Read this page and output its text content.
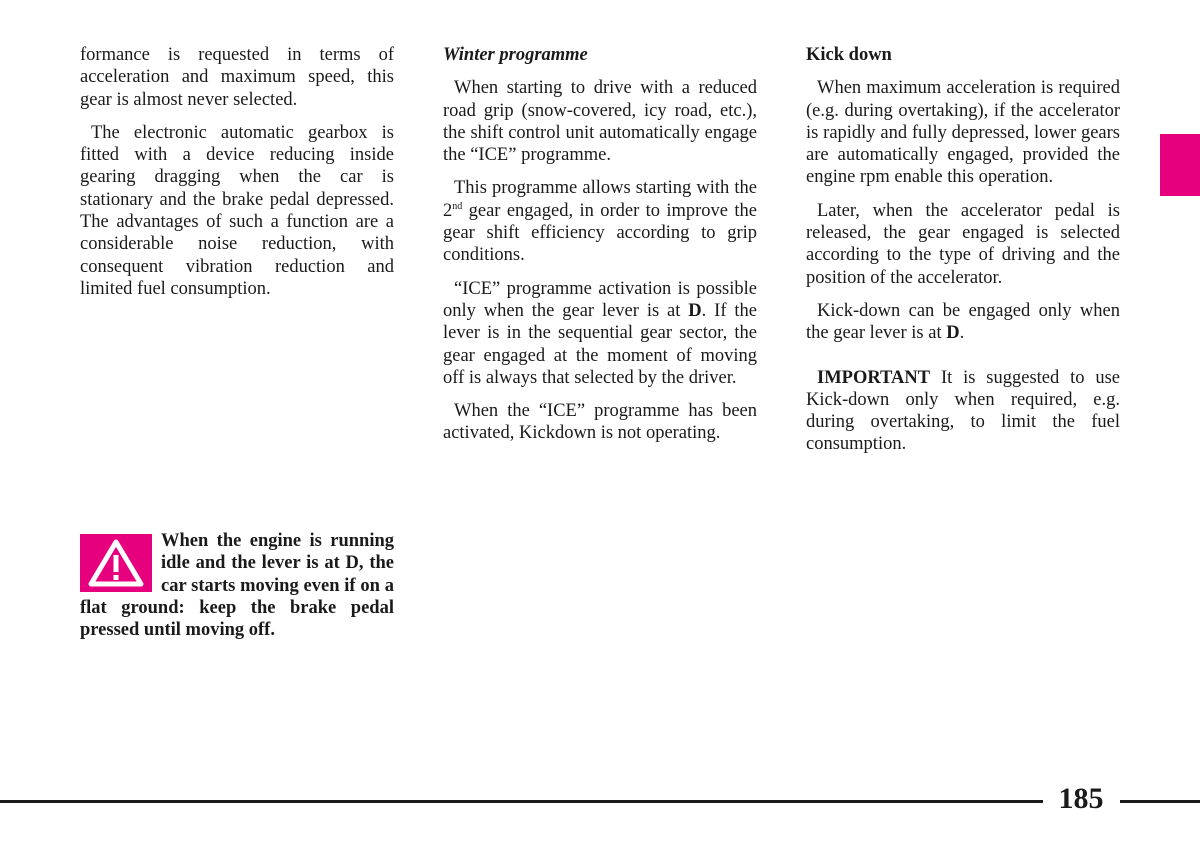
formance is requested in terms of acceleration and maximum speed, this gear is almost never selected.

The electronic automatic gearbox is fitted with a device reducing inside gearing dragging when the car is stationary and the brake pedal depressed. The advantages of such a function are a considerable noise reduction, with consequent vibration reduction and limited fuel consumption.

When the engine is running idle and the lever is at D, the car starts moving even if on a flat ground: keep the brake pedal pressed until moving off.

Winter programme

When starting to drive with a reduced road grip (snow-covered, icy road, etc.), the shift control unit automatically engage the “ICE” programme.

This programme allows starting with the 2nd gear engaged, in order to improve the gear shift efficiency according to grip conditions.

“ICE” programme activation is possible only when the gear lever is at D. If the lever is in the sequential gear sector, the gear engaged at the moment of moving off is always that selected by the driver.

When the “ICE” programme has been activated, Kickdown is not operating.

Kick down

When maximum acceleration is required (e.g. during overtaking), if the accelerator is rapidly and fully depressed, lower gears are automatically engaged, provided the engine rpm enable this operation.

Later, when the accelerator pedal is released, the gear engaged is selected according to the type of driving and the position of the accelerator.

Kick-down can be engaged only when the gear lever is at D.

IMPORTANT It is suggested to use Kick-down only when required, e.g. during overtaking, to limit the fuel consumption.

185
